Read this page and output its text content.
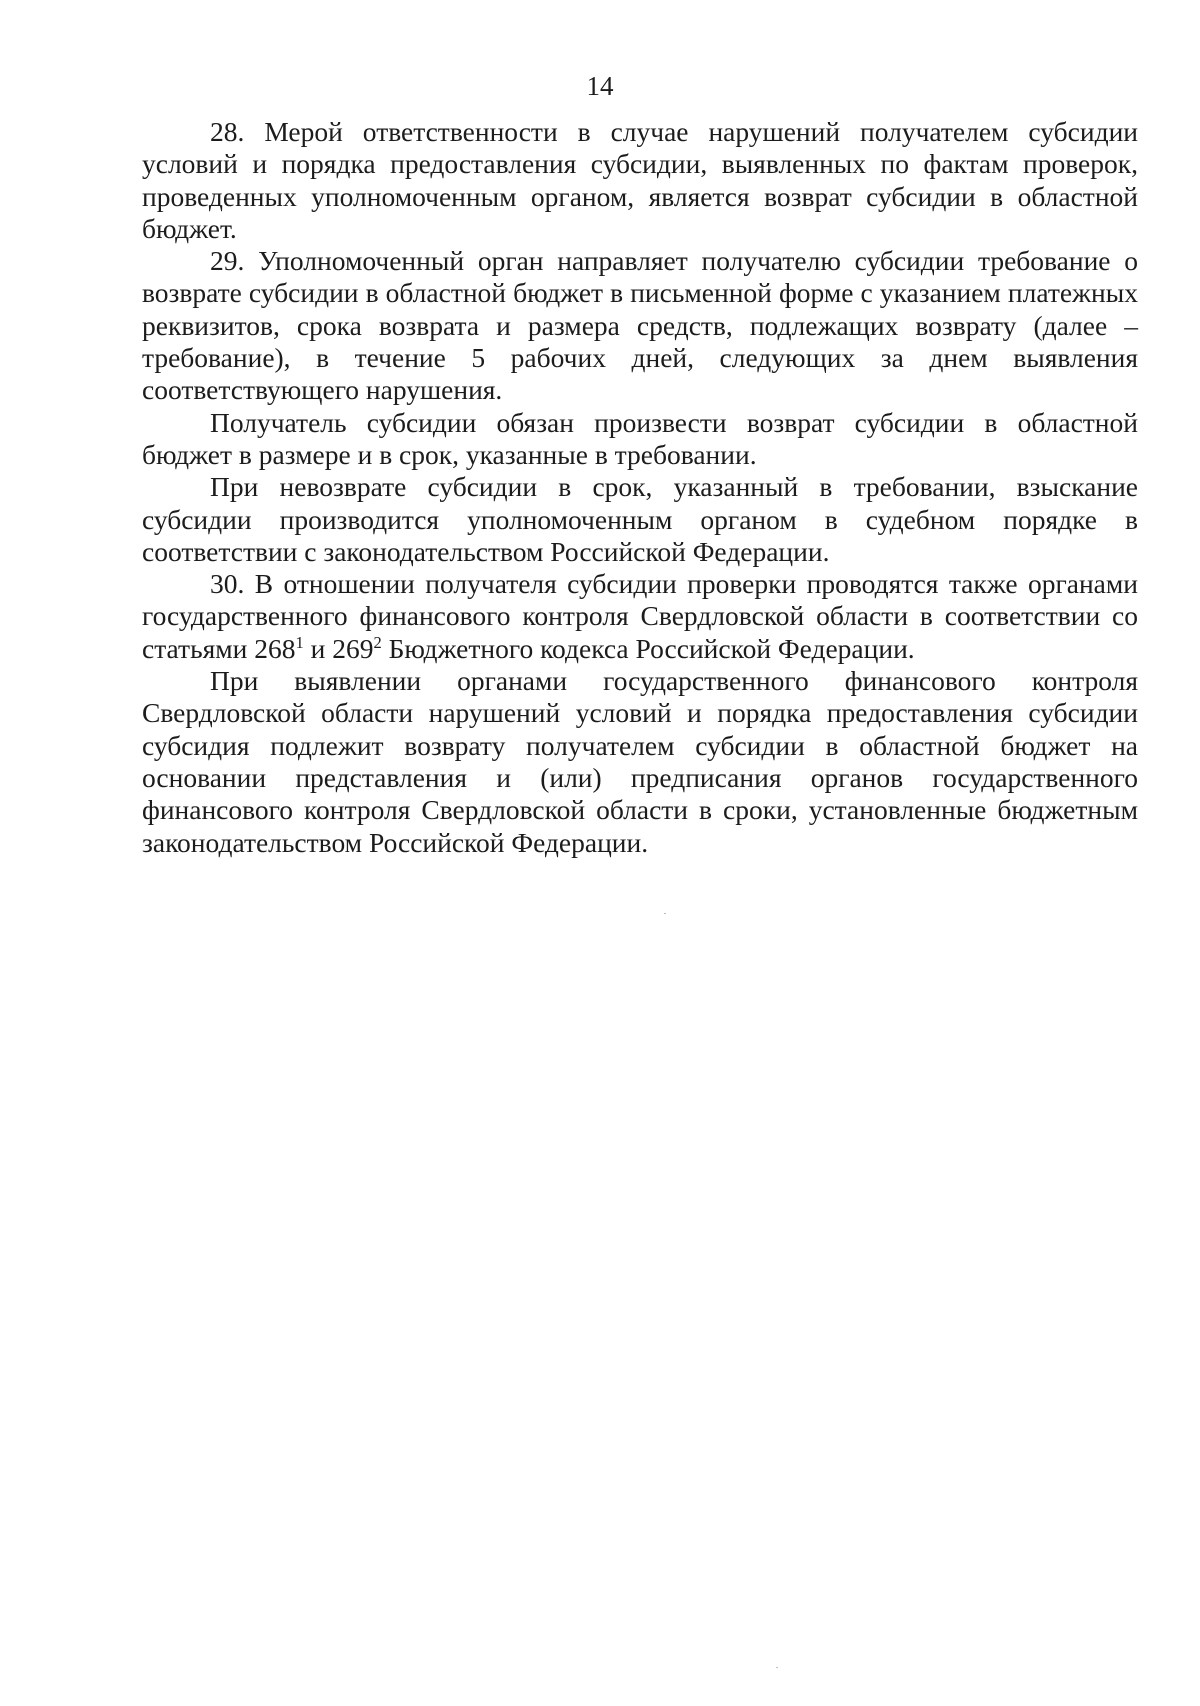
14

28. Мерой ответственности в случае нарушений получателем субсидии условий и порядка предоставления субсидии, выявленных по фактам проверок, проведенных уполномоченным органом, является возврат субсидии в областной бюджет.

29. Уполномоченный орган направляет получателю субсидии требование о возврате субсидии в областной бюджет в письменной форме с указанием платежных реквизитов, срока возврата и размера средств, подлежащих возврату (далее – требование), в течение 5 рабочих дней, следующих за днем выявления соответствующего нарушения.

Получатель субсидии обязан произвести возврат субсидии в областной бюджет в размере и в срок, указанные в требовании.

При невозврате субсидии в срок, указанный в требовании, взыскание субсидии производится уполномоченным органом в судебном порядке в соответствии с законодательством Российской Федерации.

30. В отношении получателя субсидии проверки проводятся также органами государственного финансового контроля Свердловской области в соответствии со статьями $268^1$ и $269^2$ Бюджетного кодекса Российской Федерации.

При выявлении органами государственного финансового контроля Свердловской области нарушений условий и порядка предоставления субсидии субсидия подлежит возврату получателем субсидии в областной бюджет на основании представления и (или) предписания органов государственного финансового контроля Свердловской области в сроки, установленные бюджетным законодательством Российской Федерации.
